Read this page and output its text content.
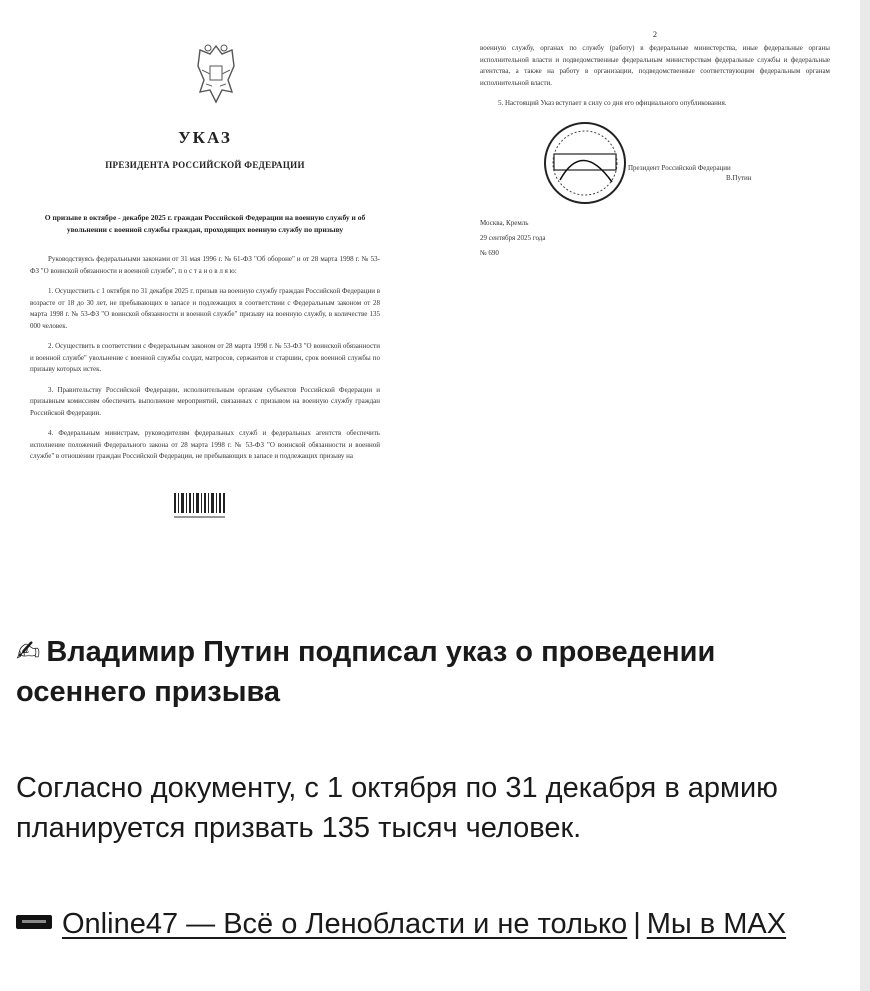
УКАЗ
ПРЕЗИДЕНТА РОССИЙСКОЙ ФЕДЕРАЦИИ
О призыве в октябре - декабре 2025 г. граждан Российской Федерации на военную службу и об увольнении с военной службы граждан, проходящих военную службу по призыву
Руководствуясь федеральными законами от 31 мая 1996 г. № 61-ФЗ "Об обороне" и от 28 марта 1998 г. № 53-ФЗ "О воинской обязанности и военной службе", п о с т а н о в л я ю:
1. Осуществить с 1 октября по 31 декабря 2025 г. призыв на военную службу граждан Российской Федерации в возрасте от 18 до 30 лет, не пребывающих в запасе и подлежащих в соответствии с Федеральным законом от 28 марта 1998 г. № 53-ФЗ "О воинской обязанности и военной службе" призыву на военную службу, в количестве 135 000 человек.
2. Осуществить в соответствии с Федеральным законом от 28 марта 1998 г. № 53-ФЗ "О воинской обязанности и военной службе" увольнение с военной службы солдат, матросов, сержантов и старшин, срок военной службы по призыву которых истек.
3. Правительству Российской Федерации, исполнительным органам субъектов Российской Федерации и призывным комиссиям обеспечить выполнение мероприятий, связанных с призывом на военную службу граждан Российской Федерации.
4. Федеральным министрам, руководителям федеральных служб и федеральных агентств обеспечить исполнение положений Федерального закона от 28 марта 1998 г. № 53-ФЗ "О воинской обязанности и военной службе" в отношении граждан Российской Федерации, не пребывающих в запасе и подлежащих призыву на
2
военную службу, органах по службу (работу) в федеральные министерства, иные федеральные органы исполнительной власти и подведомственные федеральным министерствам федеральные службы и федеральные агентства, а также на работу в организации, подведомственные соответствующим федеральным органам исполнительной власти.
5. Настоящий Указ вступает в силу со дня его официального опубликования.
Президент Российской Федерации
В.Путин
Москва, Кремль
29 сентября 2025 года
№ 690

✍ Владимир Путин подписал указ о проведении осеннего призыва

Согласно документу, с 1 октября по 31 декабря в армию планируется призвать 135 тысяч человек.
Online47 — Всё о Ленобласти и не только | Мы в MAX
